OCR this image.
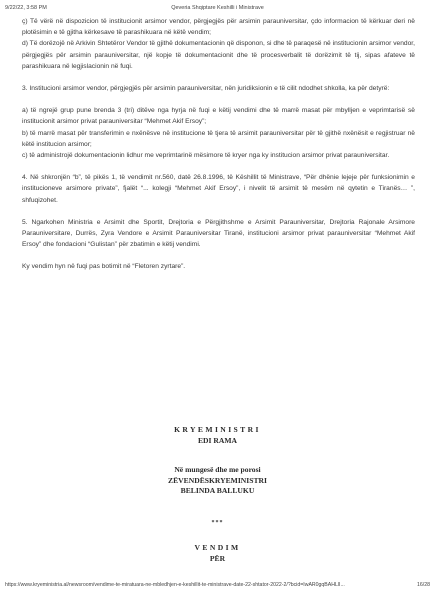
9/22/22, 3:58 PM	Qeveria Shqiptare Keshilli i Ministrave

ç) Të vërë në dispozicion të institucionit arsimor vendor, përgjegjës për arsimin parauniversitar, çdo informacion të kërkuar deri në plotësimin e të gjitha kërkesave të parashikuara në këtë vendim;

d) Të dorëzojë në Arkivin Shtetëror Vendor të gjithë dokumentacionin që disponon, si dhe të paraqesë në institucionin arsimor vendor, përgjegjës për arsimin parauniversitar, një kopje të dokumentacionit dhe të procesverbalit të dorëzimit të tij, sipas afateve të parashikuara në legjislacionin në fuqi.

3. Institucioni arsimor vendor, përgjegjës për arsimin parauniversitar, nën juridiksionin e të cilit ndodhet shkolla, ka për detyrë:

a) të ngrejë grup pune brenda 3 (tri) ditëve nga hyrja në fuqi e këtij vendimi dhe të marrë masat për mbylljen e veprimtarisë së institucionit arsimor privat parauniversitar “Mehmet Akif Ersoy”;

b) të marrë masat për transferimin e nxënësve në institucione të tjera të arsimit parauniversitar për të gjithë nxënësit e regjistruar në këtë institucion arsimor;

c) të administrojë dokumentacionin lidhur me veprimtarinë mësimore të kryer nga ky institucion arsimor privat parauniversitar.

4. Në shkronjën “b”, të pikës 1, të vendimit nr.560, datë 26.8.1996, të Këshillit të Ministrave, “Për dhënie lejeje për funksionimin e institucioneve arsimore private”, fjalët “... kolegji “Mehmet Akif Ersoy”, i nivelit të arsimit të mesëm në qytetin e Tiranës… ”, shfuqizohet.

5. Ngarkohen Ministria e Arsimit dhe Sportit, Drejtoria e Përgjithshme e Arsimit Parauniversitar, Drejtoria Rajonale Arsimore Parauniversitare, Durrës, Zyra Vendore e Arsimit Parauniversitar Tiranë, institucioni arsimor privat parauniversitar “Mehmet Akif Ersoy” dhe fondacioni “Gulistan” për zbatimin e këtij vendimi.

Ky vendim hyn në fuqi pas botimit në “Fletoren zyrtare”.

KRYEMINISTRI
EDI RAMA
Në mungesë dhe me porosi
ZËVENDËSKRYEMINISTRI
BELINDA BALLUKU
***
VENDIM
PËR
https://www.kryeministria.al/newsroom/vendime-te-miratuara-ne-mbledhjen-e-keshillit-te-ministrave-date-22-shtator-2022-2/?bcid=IwAR0gqBAHLlI...	16/28
